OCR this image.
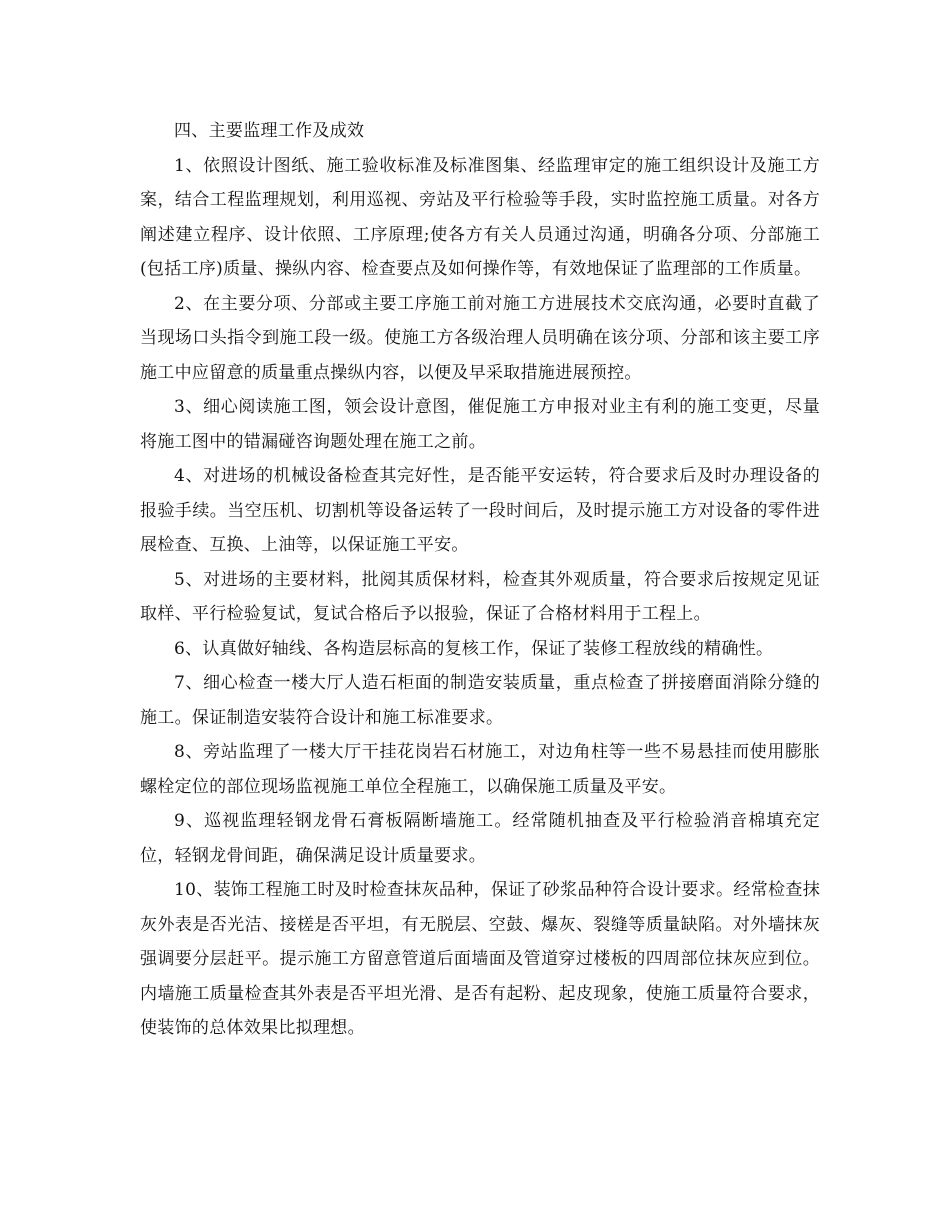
四、主要监理工作及成效

1、依照设计图纸、施工验收标准及标准图集、经监理审定的施工组织设计及施工方案，结合工程监理规划，利用巡视、旁站及平行检验等手段，实时监控施工质量。对各方阐述建立程序、设计依照、工序原理;使各方有关人员通过沟通，明确各分项、分部施工(包括工序)质量、操纵内容、检查要点及如何操作等，有效地保证了监理部的工作质量。

2、在主要分项、分部或主要工序施工前对施工方进展技术交底沟通，必要时直截了当现场口头指令到施工段一级。使施工方各级治理人员明确在该分项、分部和该主要工序施工中应留意的质量重点操纵内容，以便及早采取措施进展预控。

3、细心阅读施工图，领会设计意图，催促施工方申报对业主有利的施工变更，尽量将施工图中的错漏碰咨询题处理在施工之前。

4、对进场的机械设备检查其完好性，是否能平安运转，符合要求后及时办理设备的报验手续。当空压机、切割机等设备运转了一段时间后，及时提示施工方对设备的零件进展检查、互换、上油等，以保证施工平安。

5、对进场的主要材料，批阅其质保材料，检查其外观质量，符合要求后按规定见证取样、平行检验复试，复试合格后予以报验，保证了合格材料用于工程上。

6、认真做好轴线、各构造层标高的复核工作，保证了装修工程放线的精确性。

7、细心检查一楼大厅人造石柜面的制造安装质量，重点检查了拼接磨面消除分缝的施工。保证制造安装符合设计和施工标准要求。

8、旁站监理了一楼大厅干挂花岗岩石材施工，对边角柱等一些不易悬挂而使用膨胀螺栓定位的部位现场监视施工单位全程施工，以确保施工质量及平安。

9、巡视监理轻钢龙骨石膏板隔断墙施工。经常随机抽查及平行检验消音棉填充定位，轻钢龙骨间距，确保满足设计质量要求。

10、装饰工程施工时及时检查抹灰品种，保证了砂浆品种符合设计要求。经常检查抹灰外表是否光洁、接槎是否平坦，有无脱层、空鼓、爆灰、裂缝等质量缺陷。对外墙抹灰强调要分层赶平。提示施工方留意管道后面墙面及管道穿过楼板的四周部位抹灰应到位。内墙施工质量检查其外表是否平坦光滑、是否有起粉、起皮现象，使施工质量符合要求，使装饰的总体效果比拟理想。
